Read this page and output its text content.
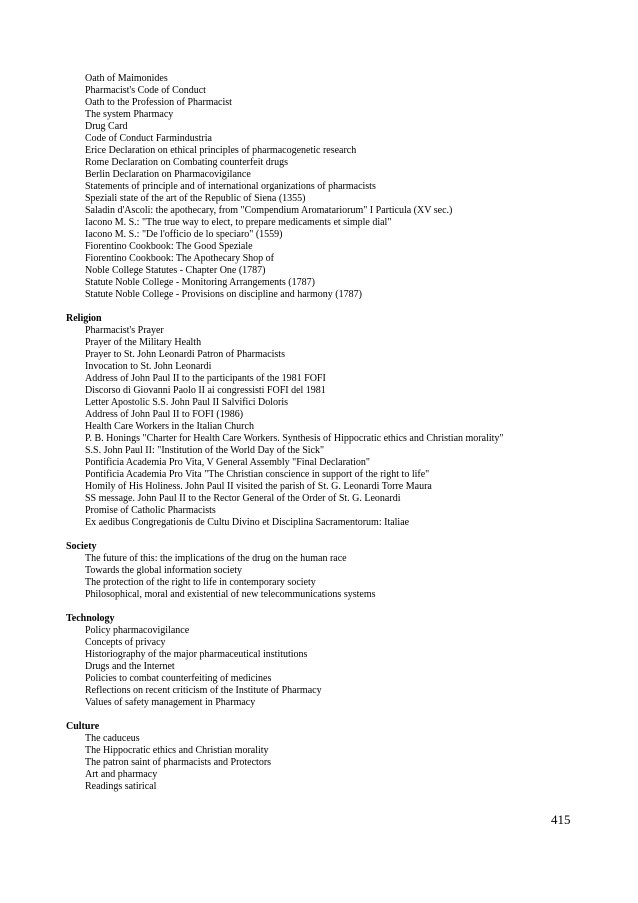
Oath of Maimonides
Pharmacist's Code of Conduct
Oath to the Profession of Pharmacist
The system Pharmacy
Drug Card
Code of Conduct Farmindustria
Erice Declaration on ethical principles of pharmacogenetic research
Rome Declaration on Combating counterfeit drugs
Berlin Declaration on Pharmacovigilance
Statements of principle and of international organizations of pharmacists
Speziali state of the art of the Republic of Siena (1355)
Saladin d'Ascoli: the apothecary, from "Compendium Aromatariorum" I Particula (XV sec.)
Iacono M. S.: "The true way to elect, to prepare medicaments et simple dial"
Iacono M. S.: "De l'officio de lo speciaro" (1559)
Fiorentino Cookbook: The Good Speziale
Fiorentino Cookbook: The Apothecary Shop of
Noble College Statutes - Chapter One (1787)
Statute Noble College - Monitoring Arrangements (1787)
Statute Noble College - Provisions on discipline and harmony (1787)
Religion
Pharmacist's Prayer
Prayer of the Military Health
Prayer to St. John Leonardi Patron of Pharmacists
Invocation to St. John Leonardi
Address of John Paul II to the participants of the 1981 FOFI
Discorso di Giovanni Paolo II ai congressisti FOFI del 1981
Letter Apostolic S.S. John Paul II Salvifici Doloris
Address of John Paul II to FOFI (1986)
Health Care Workers in the Italian Church
P. B. Honings "Charter for Health Care Workers. Synthesis of Hippocratic ethics and Christian morality"
S.S. John Paul II: "Institution of the World Day of the Sick"
Pontificia Academia Pro Vita, V General Assembly "Final Declaration"
Pontificia Academia Pro Vita "The Christian conscience in support of the right to life"
Homily of His Holiness. John Paul II visited the parish of St. G. Leonardi Torre Maura
SS message. John Paul II to the Rector General of the Order of St. G. Leonardi
Promise of Catholic Pharmacists
Ex aedibus Congregationis de Cultu Divino et Disciplina Sacramentorum: Italiae
Society
The future of this: the implications of the drug on the human race
Towards the global information society
The protection of the right to life in contemporary society
Philosophical, moral and existential of new telecommunications systems
Technology
Policy pharmacovigilance
Concepts of privacy
Historiography of the major pharmaceutical institutions
Drugs and the Internet
Policies to combat counterfeiting of medicines
Reflections on recent criticism of the Institute of Pharmacy
Values of safety management in Pharmacy
Culture
The caduceus
The Hippocratic ethics and Christian morality
The patron saint of pharmacists and Protectors
Art and pharmacy
Readings satirical
415
